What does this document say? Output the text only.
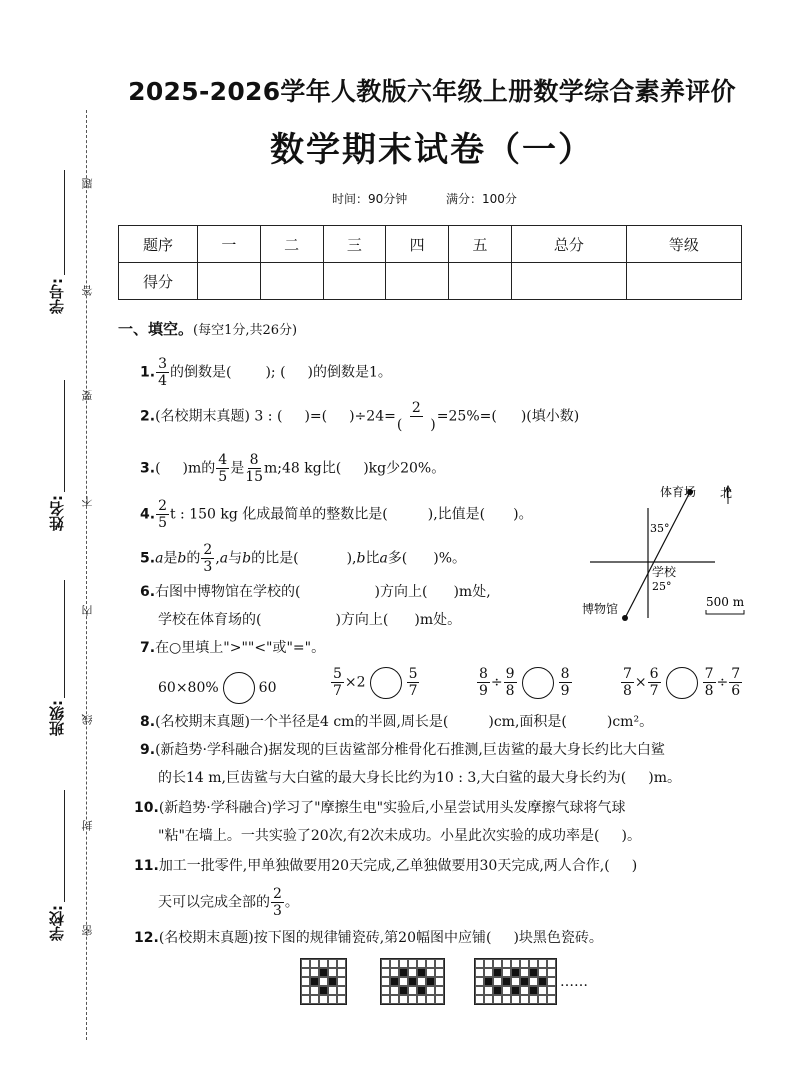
学号:
姓名:
班级:
学校:
题
答
要
不
内
线
封
密
2025-2026学年人教版六年级上册数学综合素养评价
数学期末试卷（一）
时间：90分钟	满分：100分
题序	一	二	三	四	五	总分	等级
得分							
一、填空。(每空1分,共26分)
1. $\frac{3}{4}$ 的倒数是( ); ( )的倒数是1。
2.(名校期末真题) 3 : ( )=( )$\div 24= \frac{2}{( )} =25\%=$( )(填小数)
3.( )m的 $\frac{4}{5}$ 是 $\frac{8}{15}$ m;48 kg比( )kg少20%。
4. $\frac{2}{5}$ t : 150 kg 化成最简单的整数比是(	),比值是( )。
5.a是b的 $\frac{2}{3} ,a$与b的比是(	),b比a多( )%。
6.右图中博物馆在学校的(	)方向上( )m处,
学校在体育场的(	)方向上( )m处。
北
体育场
学校
博物馆
35°
25°
500 m
7.在○里填上">""<"或"="。
60×80%	60	$\frac{5}{7} \times 2$	$\frac{5}{7}$	$\frac{8}{9} \div \frac{9}{8}$	$\frac{8}{9}$	$\frac{7}{8} \times \frac{6}{7}$	$\frac{7}{8} \div \frac{7}{6}$
8.(名校期末真题)一个半径是4 cm的半圆,周长是(	)cm,面积是(	)cm²。
9.(新趋势·学科融合)据发现的巨齿鲨部分椎骨化石推测,巨齿鲨的最大身长约比大白鲨
的长14 m,巨齿鲨与大白鲨的最大身长比约为10 : 3,大白鲨的最大身长约为( )m。
10.(新趋势·学科融合)学习了"摩擦生电"实验后,小星尝试用头发摩擦气球将气球
"粘"在墙上。一共实验了20次,有2次未成功。小星此次实验的成功率是( )。
11.加工一批零件,甲单独做要用20天完成,乙单独做要用30天完成,两人合作,( )
天可以完成全部的 $\frac{2}{3}$ 。
12.(名校期末真题)按下图的规律铺瓷砖,第20幅图中应铺( )块黑色瓷砖。
……
